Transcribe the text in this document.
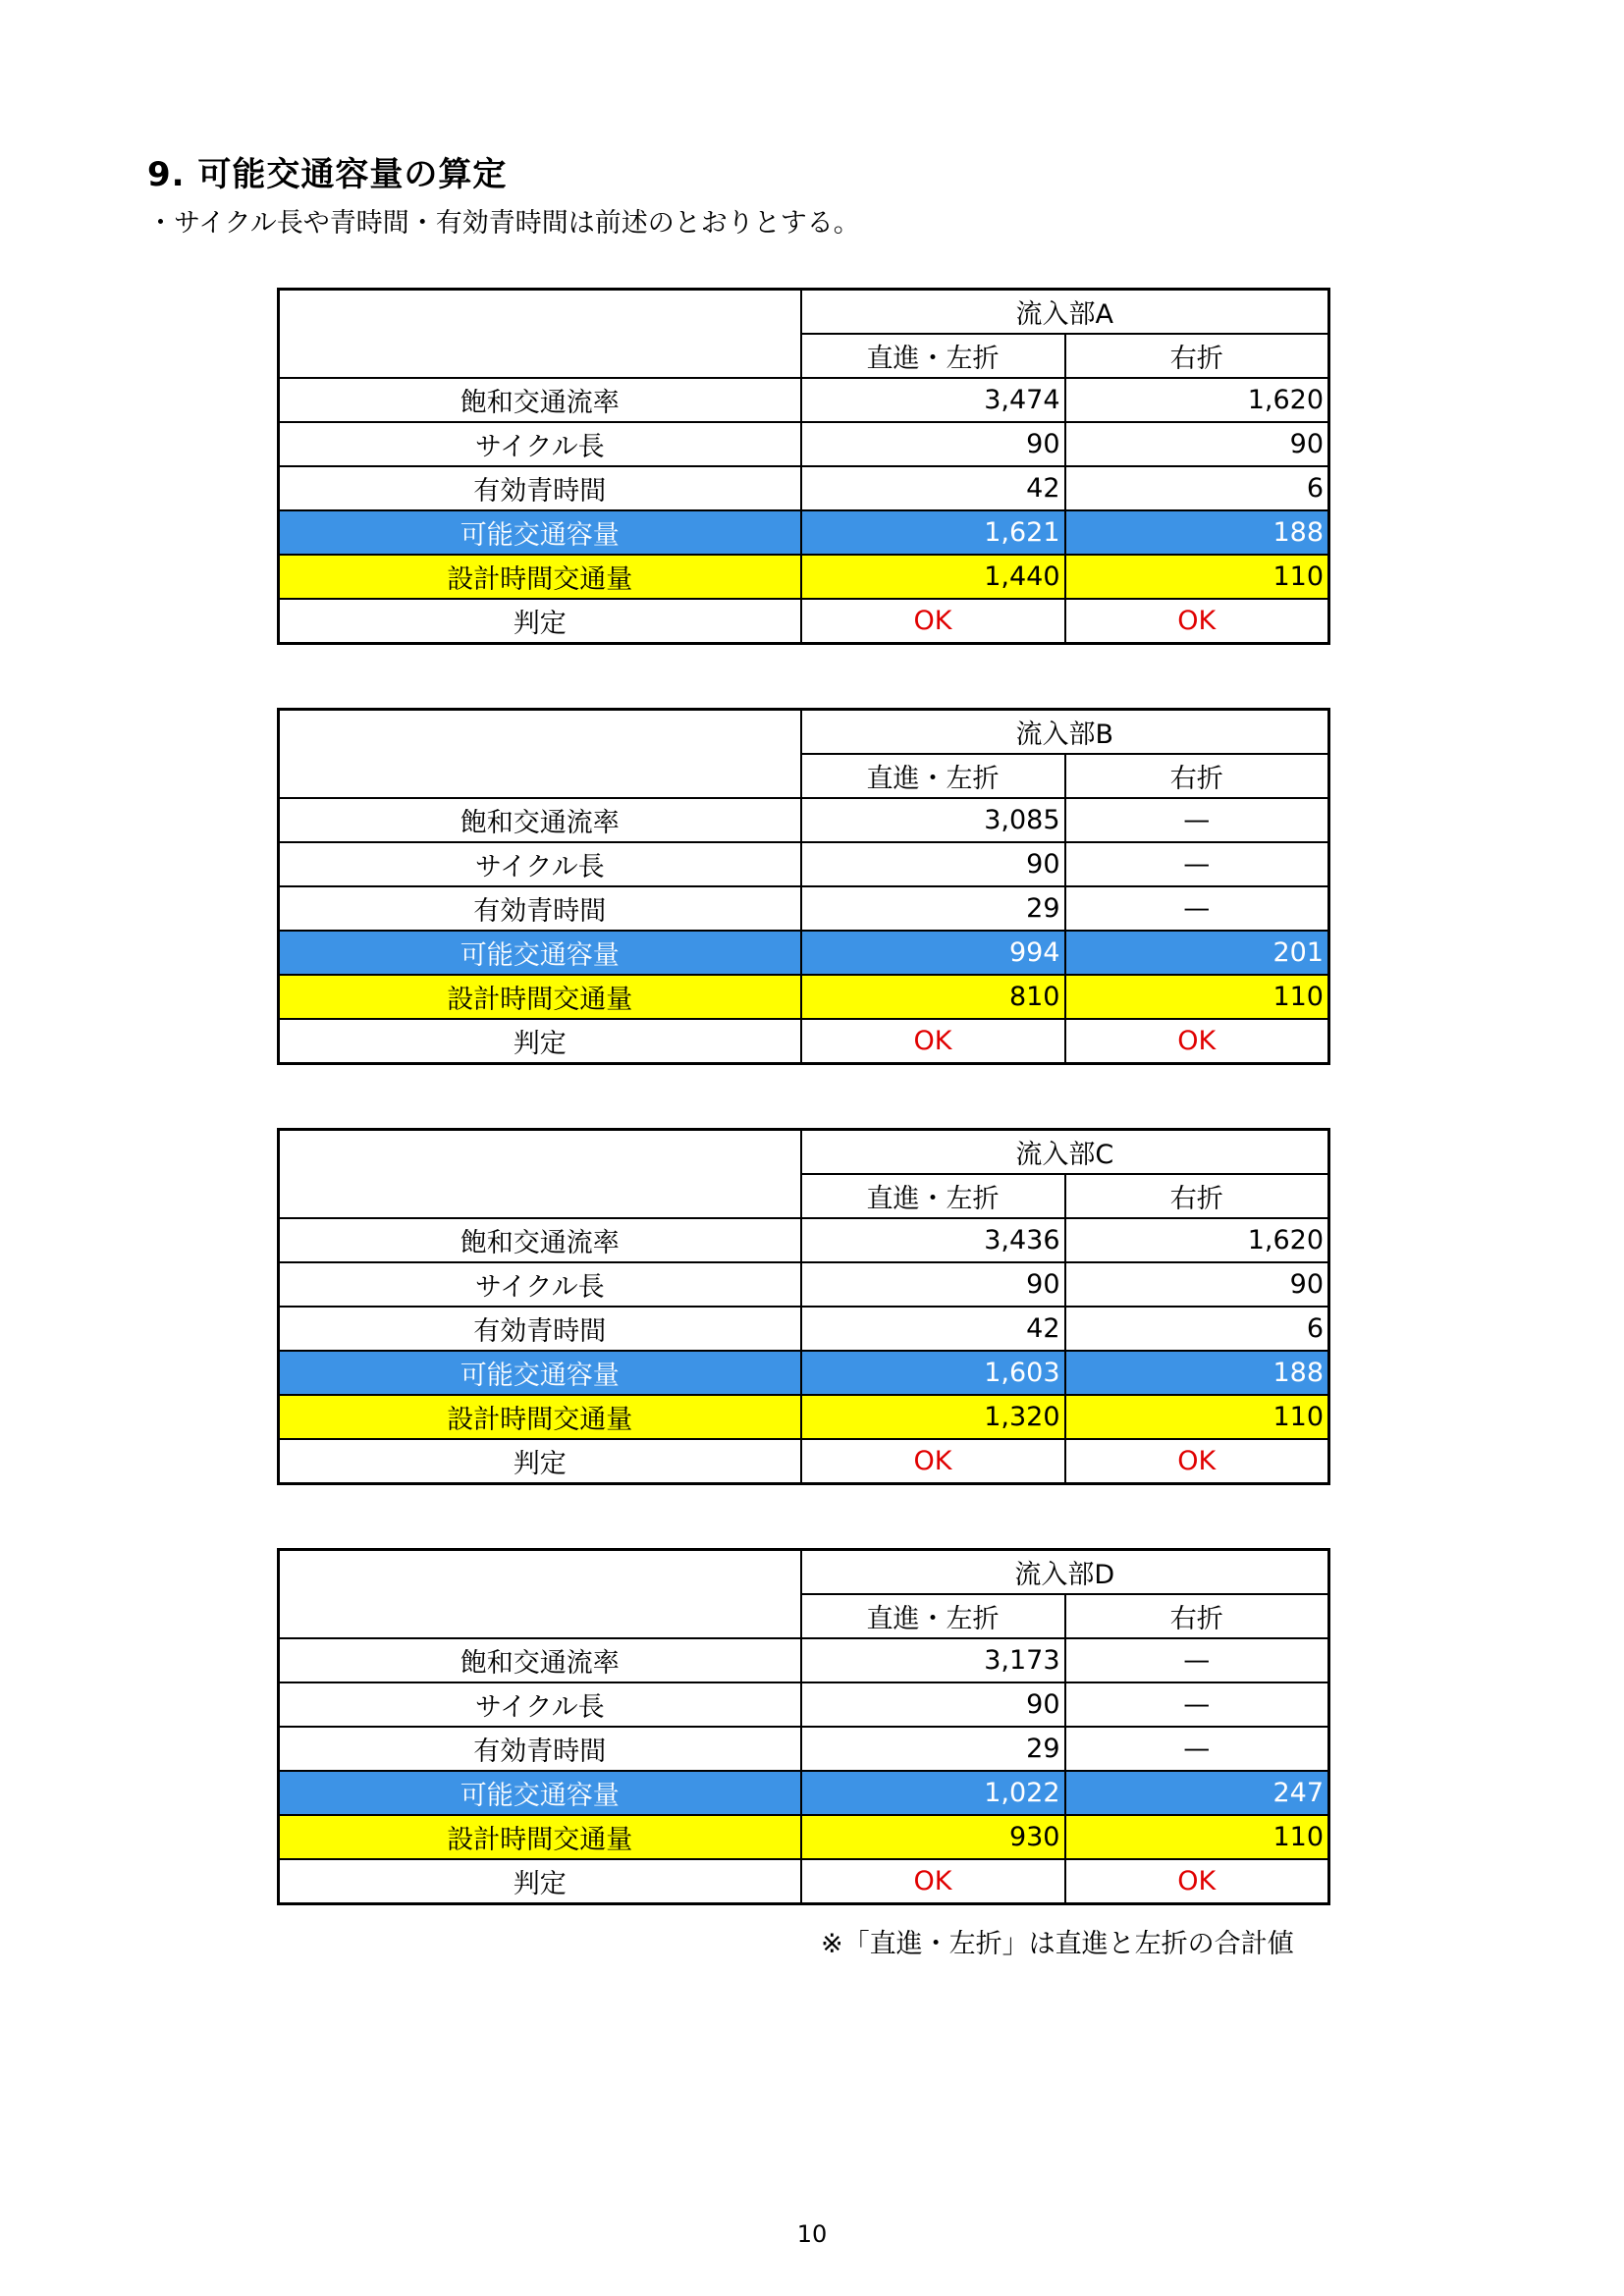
9. 可能交通容量の算定
・サイクル長や青時間・有効青時間は前述のとおりとする。
	流入部A	
	直進・左折	右折
飽和交通流率	3,474	1,620
サイクル長	90	90
有効青時間	42	6
可能交通容量	1,621	188
設計時間交通量	1,440	110
判定	OK	OK
	流入部B	
	直進・左折	右折
飽和交通流率	3,085	—
サイクル長	90	—
有効青時間	29	—
可能交通容量	994	201
設計時間交通量	810	110
判定	OK	OK
	流入部C	
	直進・左折	右折
飽和交通流率	3,436	1,620
サイクル長	90	90
有効青時間	42	6
可能交通容量	1,603	188
設計時間交通量	1,320	110
判定	OK	OK
	流入部D	
	直進・左折	右折
飽和交通流率	3,173	—
サイクル長	90	—
有効青時間	29	—
可能交通容量	1,022	247
設計時間交通量	930	110
判定	OK	OK
※「直進・左折」は直進と左折の合計値
10
